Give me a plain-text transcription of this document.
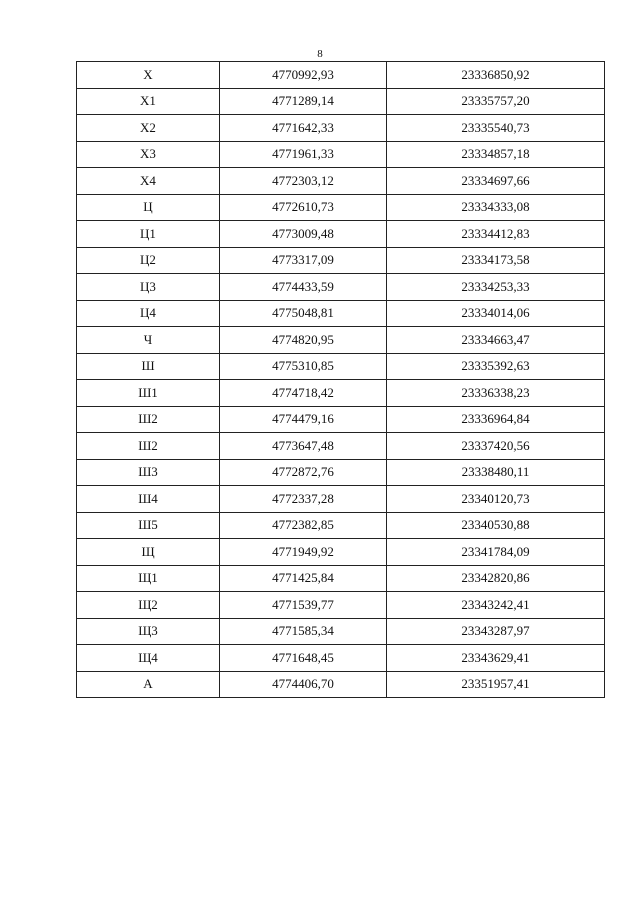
8
Х	4770992,93	23336850,92
Х1	4771289,14	23335757,20
Х2	4771642,33	23335540,73
Х3	4771961,33	23334857,18
Х4	4772303,12	23334697,66
Ц	4772610,73	23334333,08
Ц1	4773009,48	23334412,83
Ц2	4773317,09	23334173,58
Ц3	4774433,59	23334253,33
Ц4	4775048,81	23334014,06
Ч	4774820,95	23334663,47
Ш	4775310,85	23335392,63
Ш1	4774718,42	23336338,23
Ш2	4774479,16	23336964,84
Ш2	4773647,48	23337420,56
Ш3	4772872,76	23338480,11
Ш4	4772337,28	23340120,73
Ш5	4772382,85	23340530,88
Щ	4771949,92	23341784,09
Щ1	4771425,84	23342820,86
Щ2	4771539,77	23343242,41
Щ3	4771585,34	23343287,97
Щ4	4771648,45	23343629,41
А	4774406,70	23351957,41
